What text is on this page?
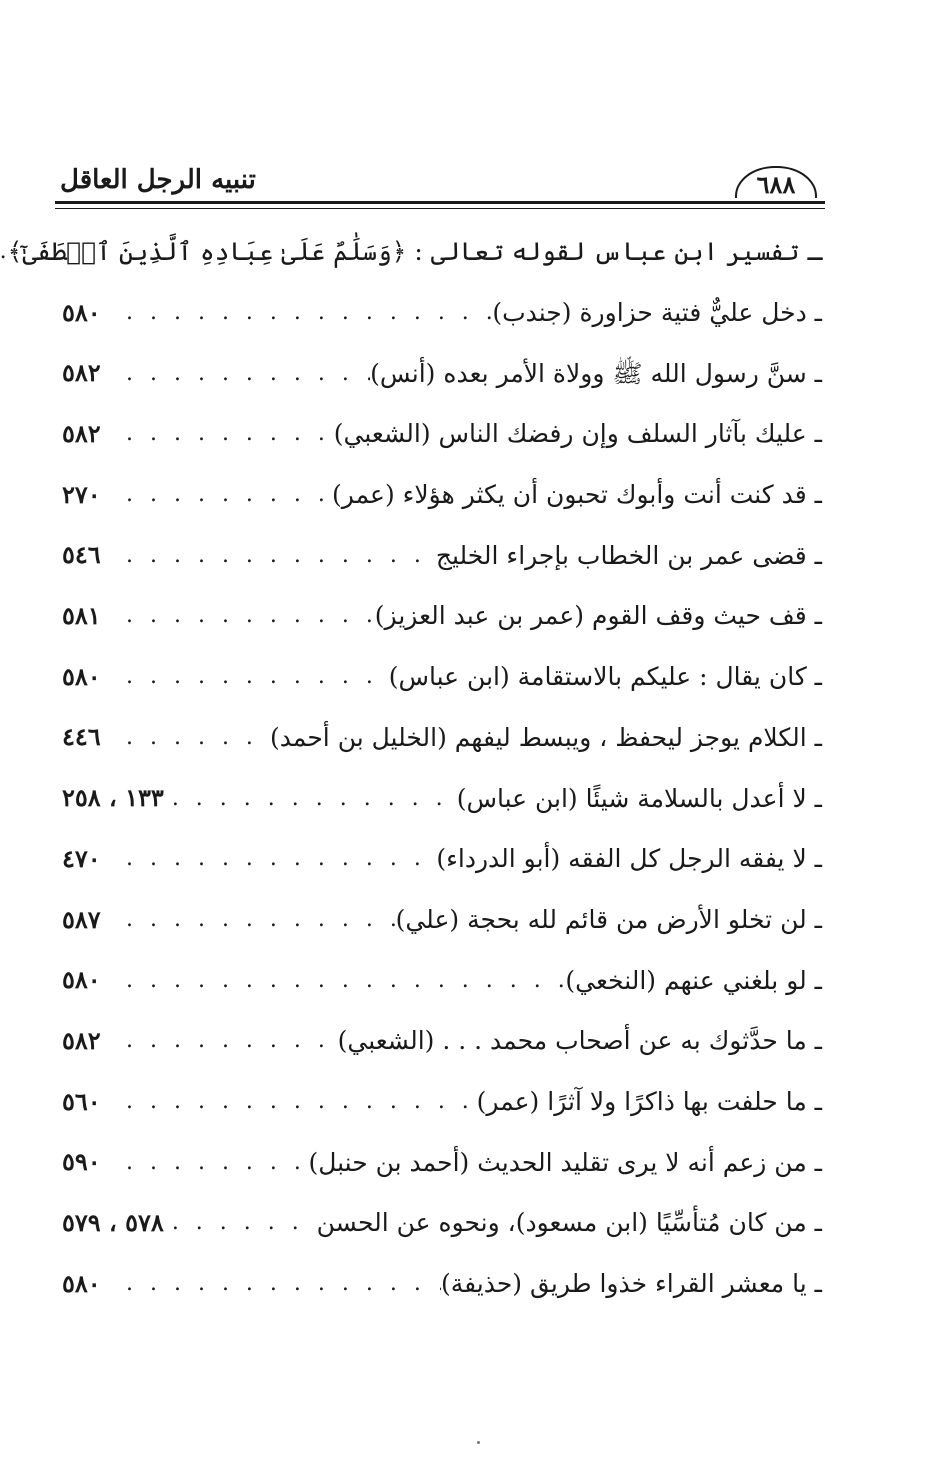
٦٨٨
تنبيه الرجل العاقل
ـ تفسير ابن عباس لقوله تعالى : ﴿وَسَلَٰمٌ عَلَىٰ عِبَادِهِ ٱلَّذِينَ ٱصۡطَفَىٰٓ﴾
. . .
ـ دخل عليٌّ فتية حزاورة (جندب)
. . .
٥٨٠
ـ سنَّ رسول الله ﷺ وولاة الأمر بعده (أنس)
. . .
٥٨٢
ـ عليك بآثار السلف وإن رفضك الناس (الشعبي)
. . .
٥٨٢
ـ قد كنت أنت وأبوك تحبون أن يكثر هؤلاء (عمر)
. . .
٢٧٠
ـ قضى عمر بن الخطاب بإجراء الخليج
. . .
٥٤٦
ـ قف حيث وقف القوم (عمر بن عبد العزيز)
. . .
٥٨١
ـ كان يقال : عليكم بالاستقامة (ابن عباس)
. . .
٥٨٠
ـ الكلام يوجز ليحفظ ، ويبسط ليفهم (الخليل بن أحمد)
. . .
٤٤٦
ـ لا أعدل بالسلامة شيئًا (ابن عباس)
. . .
١٣٣ ، ٢٥٨
ـ لا يفقه الرجل كل الفقه (أبو الدرداء)
. . .
٤٧٠
ـ لن تخلو الأرض من قائم لله بحجة (علي)
. . .
٥٨٧
ـ لو بلغني عنهم (النخعي)
. . .
٥٨٠
ـ ما حدَّثوك به عن أصحاب محمد . . . (الشعبي)
. . .
٥٨٢
ـ ما حلفت بها ذاكرًا ولا آثرًا (عمر)
. . .
٥٦٠
ـ من زعم أنه لا يرى تقليد الحديث (أحمد بن حنبل)
. . .
٥٩٠
ـ من كان مُتأسِّيًا (ابن مسعود)، ونحوه عن الحسن
. . .
٥٧٨ ، ٥٧٩
ـ يا معشر القراء خذوا طريق (حذيفة)
. . .
٥٨٠
